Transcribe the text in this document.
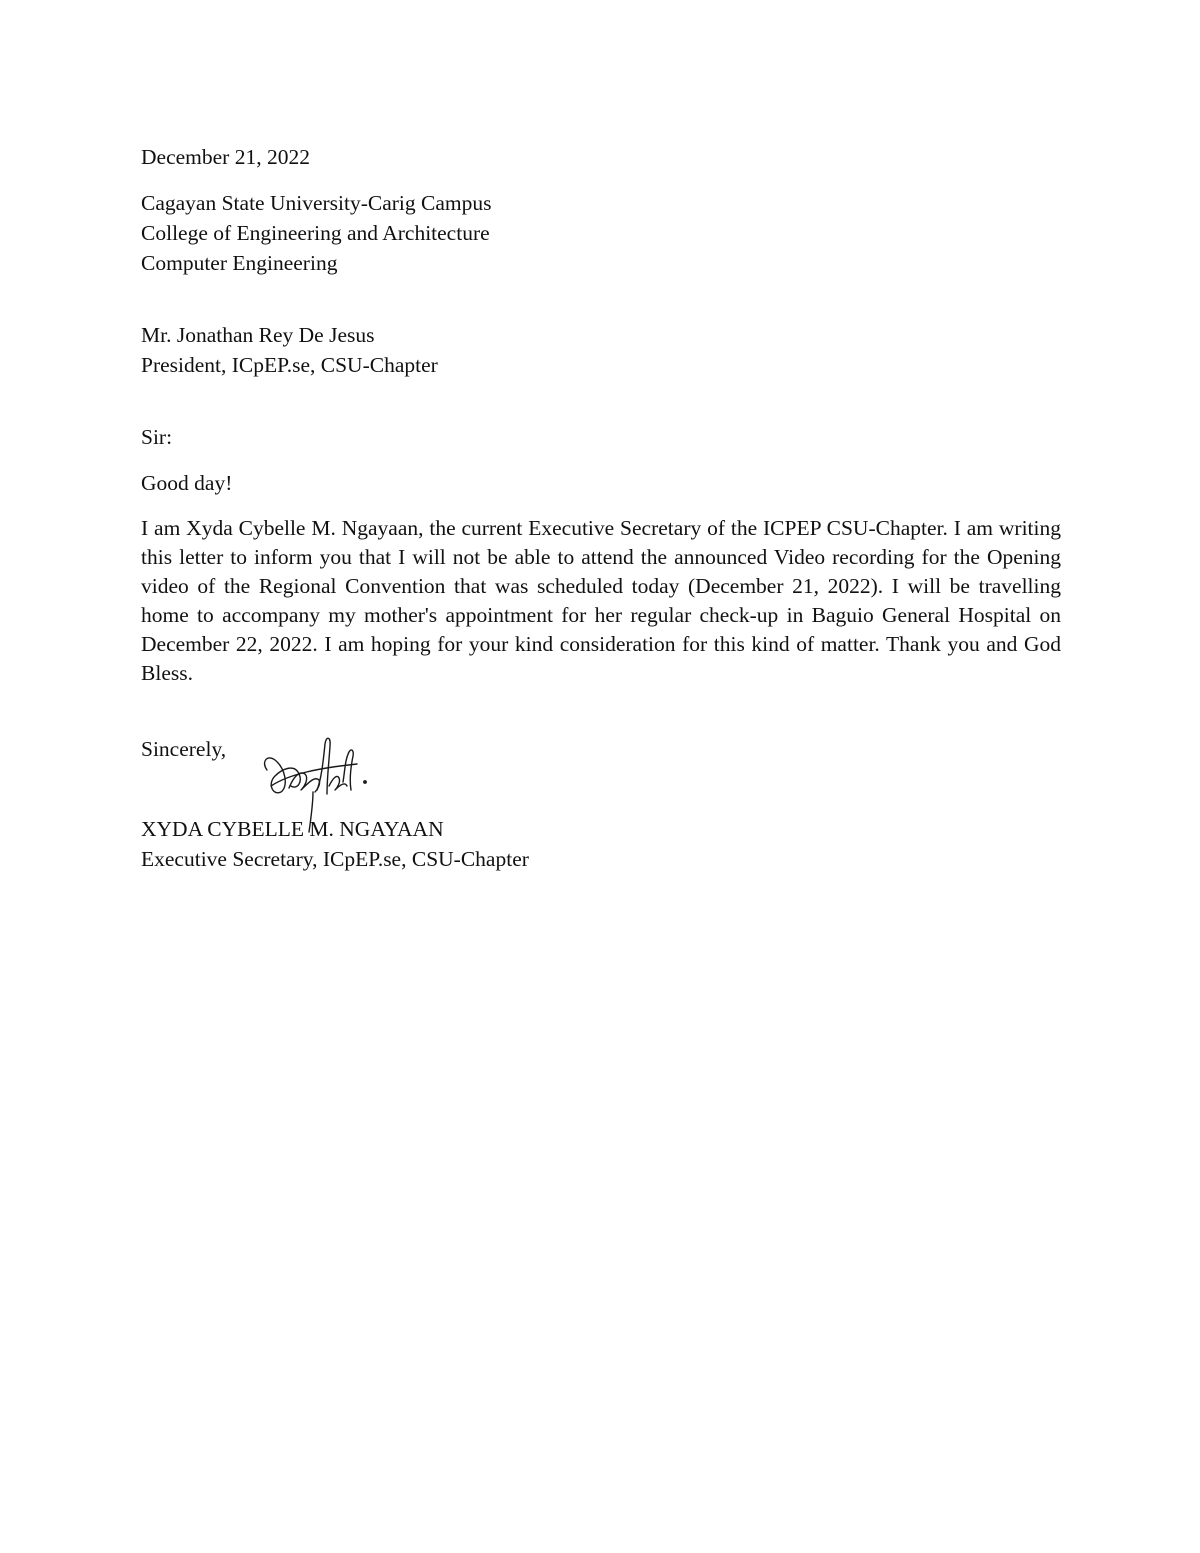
December 21, 2022
Cagayan State University-Carig Campus
College of Engineering and Architecture
Computer Engineering
Mr. Jonathan Rey De Jesus
President, ICpEP.se, CSU-Chapter
Sir:
Good day!
I am Xyda Cybelle M. Ngayaan, the current Executive Secretary of the ICPEP CSU-Chapter. I am writing this letter to inform you that I will not be able to attend the announced Video recording for the Opening video of the Regional Convention that was scheduled today (December 21, 2022). I will be travelling home to accompany my mother's appointment for her regular check-up in Baguio General Hospital on December 22, 2022. I am hoping for your kind consideration for this kind of matter. Thank you and God Bless.
Sincerely,
XYDA CYBELLE M. NGAYAAN
Executive Secretary, ICpEP.se, CSU-Chapter
